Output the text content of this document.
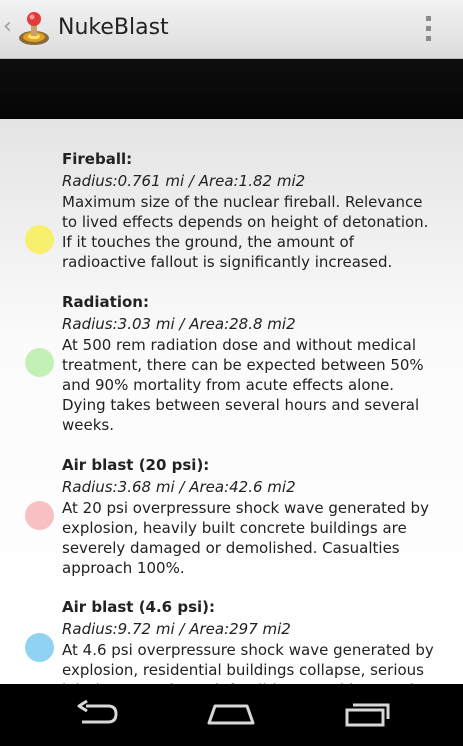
‹ NukeBlast
Fireball:
Radius:0.761 mi / Area:1.82 mi2
Maximum size of the nuclear fireball. Relevance to lived effects depends on height of detonation. If it touches the ground, the amount of radioactive fallout is significantly increased.
Radiation:
Radius:3.03 mi / Area:28.8 mi2
At 500 rem radiation dose and without medical treatment, there can be expected between 50% and 90% mortality from acute effects alone. Dying takes between several hours and several weeks.
Air blast (20 psi):
Radius:3.68 mi / Area:42.6 mi2
At 20 psi overpressure shock wave generated by explosion, heavily built concrete buildings are severely damaged or demolished. Casualties approach 100%.
Air blast (4.6 psi):
Radius:9.72 mi / Area:297 mi2
At 4.6 psi overpressure shock wave generated by explosion, residential buildings collapse, serious
